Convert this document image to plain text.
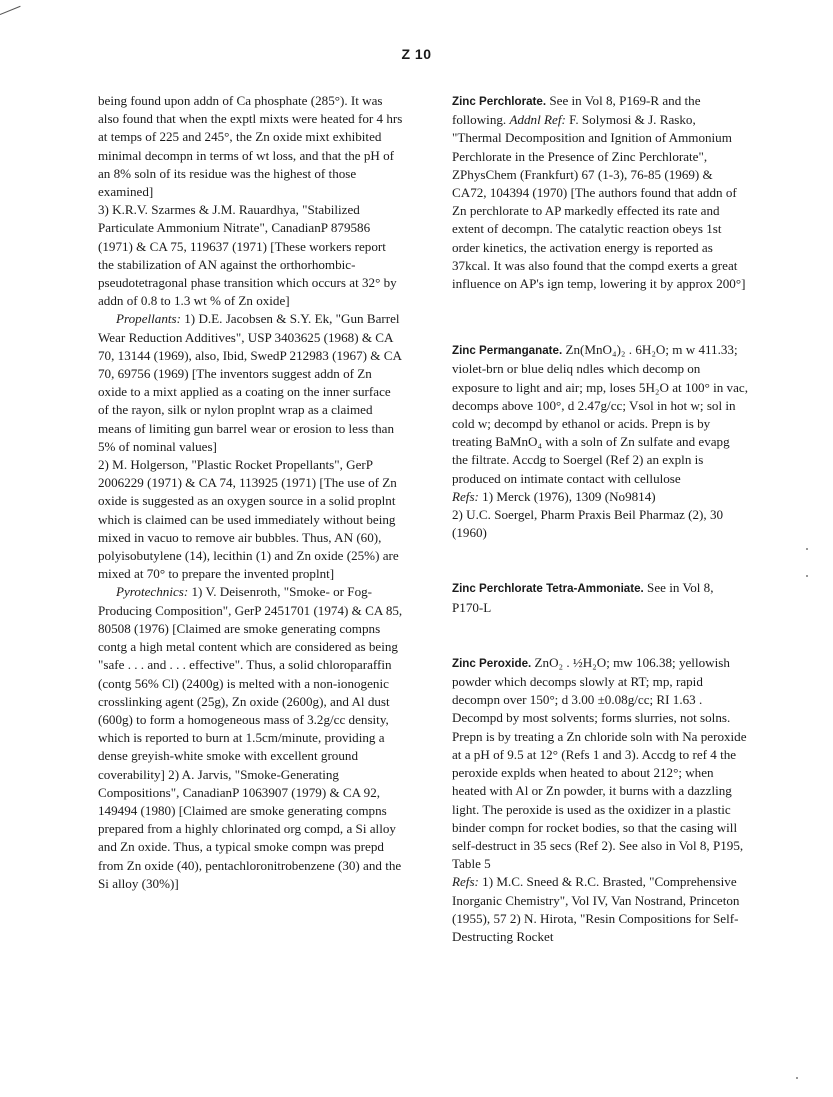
Z 10

being found upon addn of Ca phosphate (285°). It was also found that when the exptl mixts were heated for 4 hrs at temps of 225 and 245°, the Zn oxide mixt exhibited minimal decompn in terms of wt loss, and that the pH of an 8% soln of its residue was the highest of those examined]

3) K.R.V. Szarmes & J.M. Rauardhya, "Stabilized Particulate Ammonium Nitrate", CanadianP 879586 (1971) & CA 75, 119637 (1971) [These workers report the stabilization of AN against the orthorhombic-pseudotetragonal phase transition which occurs at 32° by addn of 0.8 to 1.3 wt % of Zn oxide]

Propellants: 1) D.E. Jacobsen & S.Y. Ek, "Gun Barrel Wear Reduction Additives", USP 3403625 (1968) & CA 70, 13144 (1969), also, Ibid, SwedP 212983 (1967) & CA 70, 69756 (1969) [The inventors suggest addn of Zn oxide to a mixt applied as a coating on the inner surface of the rayon, silk or nylon proplnt wrap as a claimed means of limiting gun barrel wear or erosion to less than 5% of nominal values]

2) M. Holgerson, "Plastic Rocket Propellants", GerP 2006229 (1971) & CA 74, 113925 (1971) [The use of Zn oxide is suggested as an oxygen source in a solid proplnt which is claimed can be used immediately without being mixed in vacuo to remove air bubbles. Thus, AN (60), polyisobutylene (14), lecithin (1) and Zn oxide (25%) are mixed at 70° to prepare the invented proplnt]

Pyrotechnics: 1) V. Deisenroth, "Smoke- or Fog-Producing Composition", GerP 2451701 (1974) & CA 85, 80508 (1976) [Claimed are smoke generating compns contg a high metal content which are considered as being "safe . . . and . . . effective". Thus, a solid chloroparaffin (contg 56% Cl) (2400g) is melted with a non-ionogenic crosslinking agent (25g), Zn oxide (2600g), and Al dust (600g) to form a homogeneous mass of 3.2g/cc density, which is reported to burn at 1.5cm/minute, providing a dense greyish-white smoke with excellent ground coverability] 2) A. Jarvis, "Smoke-Generating Compositions", CanadianP 1063907 (1979) & CA 92, 149494 (1980) [Claimed are smoke generating compns prepared from a highly chlorinated org compd, a Si alloy and Zn oxide. Thus, a typical smoke compn was prepd from Zn oxide (40), pentachloronitrobenzene (30) and the Si alloy (30%)]

Zinc Perchlorate. See in Vol 8, P169-R and the following. Addnl Ref: F. Solymosi & J. Rasko, "Thermal Decomposition and Ignition of Ammonium Perchlorate in the Presence of Zinc Perchlorate", ZPhysChem (Frankfurt) 67 (1-3), 76-85 (1969) & CA72, 104394 (1970) [The authors found that addn of Zn perchlorate to AP markedly effected its rate and extent of decompn. The catalytic reaction obeys 1st order kinetics, the activation energy is reported as 37kcal. It was also found that the compd exerts a great influence on AP's ign temp, lowering it by approx 200°]

Zinc Permanganate. Zn(MnO₄)₂ . 6H₂O; m w 411.33; violet-brn or blue deliq ndles which decomp on exposure to light and air; mp, loses 5H₂O at 100° in vac, decomps above 100°, d 2.47g/cc; Vsol in hot w; sol in cold w; decompd by ethanol or acids. Prepn is by treating BaMnO₄ with a soln of Zn sulfate and evapg the filtrate. Accdg to Soergel (Ref 2) an expln is produced on intimate contact with cellulose

Refs: 1) Merck (1976), 1309 (No9814)

2) U.C. Soergel, Pharm Praxis Beil Pharmaz (2), 30 (1960)

Zinc Perchlorate Tetra-Ammoniate. See in Vol 8, P170-L

Zinc Peroxide. ZnO₂ . ½H₂O; mw 106.38; yellowish powder which decomps slowly at RT; mp, rapid decompn over 150°; d 3.00 ±0.08g/cc; RI 1.63 . Decompd by most solvents; forms slurries, not solns. Prepn is by treating a Zn chloride soln with Na peroxide at a pH of 9.5 at 12° (Refs 1 and 3). Accdg to ref 4 the peroxide explds when heated to about 212°; when heated with Al or Zn powder, it burns with a dazzling light. The peroxide is used as the oxidizer in a plastic binder compn for rocket bodies, so that the casing will self-destruct in 35 secs (Ref 2). See also in Vol 8, P195, Table 5

Refs: 1) M.C. Sneed & R.C. Brasted, "Comprehensive Inorganic Chemistry", Vol IV, Van Nostrand, Princeton (1955), 57 2) N. Hirota, "Resin Compositions for Self-Destructing Rocket
